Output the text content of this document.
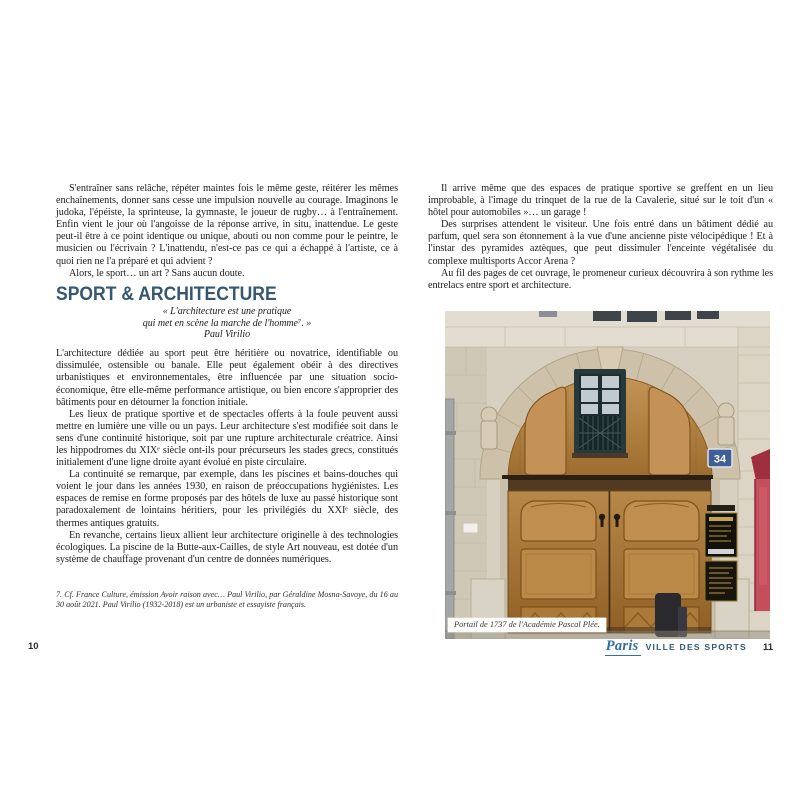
S'entraîner sans relâche, répéter maintes fois le même geste, réitérer les mêmes enchaînements, donner sans cesse une impulsion nouvelle au courage. Imaginons le judoka, l'épéiste, la sprinteuse, la gymnaste, le joueur de rugby… à l'entraînement. Enfin vient le jour où l'angoisse de la réponse arrive, in situ, inattendue. Le geste peut-il être à ce point identique ou unique, abouti ou non comme pour le peintre, le musicien ou l'écrivain ? L'inattendu, n'est-ce pas ce qui a échappé à l'artiste, ce à quoi rien ne l'a préparé et qui advient ?

Alors, le sport… un art ? Sans aucun doute.

SPORT & ARCHITECTURE
« L'architecture est une pratique
qui met en scène la marche de l'homme⁷. »
Paul Virilio

L'architecture dédiée au sport peut être héritière ou novatrice, identifiable ou dissimulée, ostensible ou banale. Elle peut également obéir à des directives urbanistiques et environnementales, être influencée par une situation socio-économique, être elle-même performance artistique, ou bien encore s'approprier des bâtiments pour en détourner la fonction initiale.

Les lieux de pratique sportive et de spectacles offerts à la foule peuvent aussi mettre en lumière une ville ou un pays. Leur architecture s'est modifiée soit dans le sens d'une continuité historique, soit par une rupture architecturale créatrice. Ainsi les hippodromes du XIXᵉ siècle ont-ils pour précurseurs les stades grecs, constitués initialement d'une ligne droite ayant évolué en piste circulaire.

La continuité se remarque, par exemple, dans les piscines et bains-douches qui voient le jour dans les années 1930, en raison de préoccupations hygiénistes. Les espaces de remise en forme proposés par des hôtels de luxe au passé historique sont paradoxalement de lointains héritiers, pour les privilégiés du XXIᵉ siècle, des thermes antiques gratuits.

En revanche, certains lieux allient leur architecture originelle à des technologies écologiques. La piscine de la Butte-aux-Cailles, de style Art nouveau, est dotée d'un système de chauffage provenant d'un centre de données numériques.

7. Cf. France Culture, émission Avoir raison avec… Paul Virilio, par Géraldine Mosna-Savoye, du 16 au 30 août 2021. Paul Virilio (1932-2018) est un urbaniste et essayiste français.
10

Il arrive même que des espaces de pratique sportive se greffent en un lieu improbable, à l'image du trinquet de la rue de la Cavalerie, situé sur le toit d'un « hôtel pour automobiles »… un garage !

Des surprises attendent le visiteur. Une fois entré dans un bâtiment dédié au parfum, quel sera son étonnement à la vue d'une ancienne piste vélocipédique ! Et à l'instar des pyramides aztèques, que peut dissimuler l'enceinte végétalisée du complexe multisports Accor Arena ?

Au fil des pages de cet ouvrage, le promeneur curieux découvrira à son rythme les entrelacs entre sport et architecture.

34
Portail de 1737 de l'Académie Pascal Plée.
Paris VILLE DES SPORTS 11
